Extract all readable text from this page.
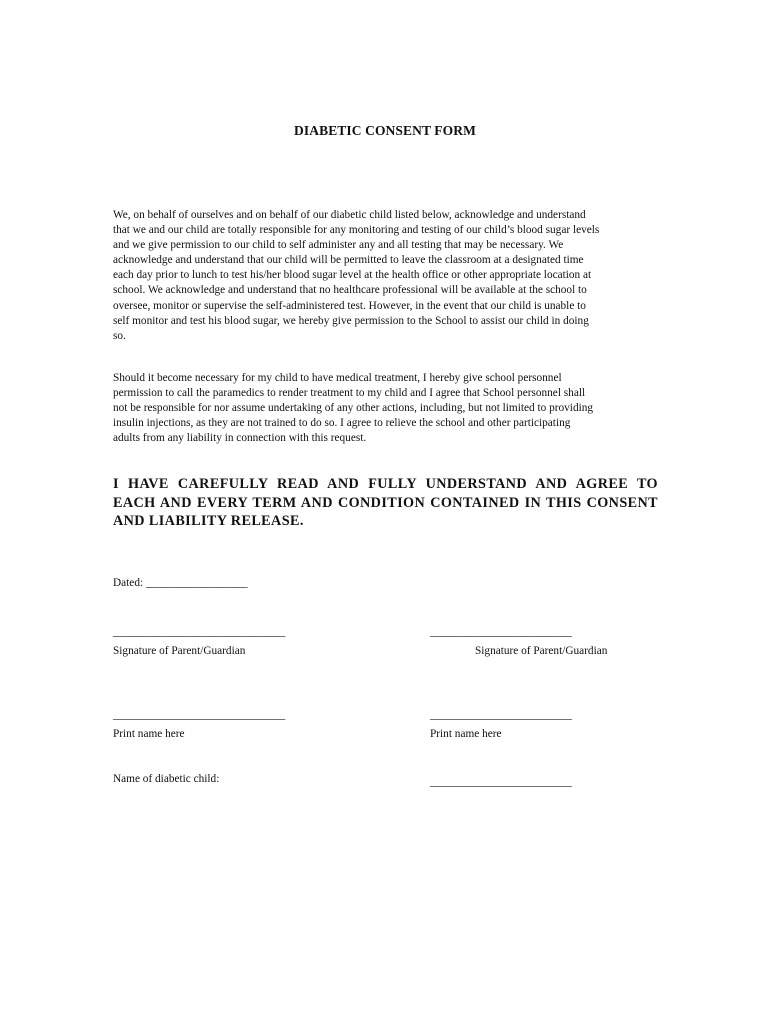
DIABETIC CONSENT FORM

We, on behalf of ourselves and on behalf of our diabetic child listed below, acknowledge and understand
that we and our child are totally responsible for any monitoring and testing of our child’s blood sugar levels
and we give permission to our child to self administer any and all testing that may be necessary. We
acknowledge and understand that our child will be permitted to leave the classroom at a designated time
each day prior to lunch to test his/her blood sugar level at the health office or other appropriate location at
school. We acknowledge and understand that no healthcare professional will be available at the school to
oversee, monitor or supervise the self-administered test. However, in the event that our child is unable to
self monitor and test his blood sugar, we hereby give permission to the School to assist our child in doing
so.

Should it become necessary for my child to have medical treatment, I hereby give school personnel
permission to call the paramedics to render treatment to my child and I agree that School personnel shall
not be responsible for nor assume undertaking of any other actions, including, but not limited to providing
insulin injections, as they are not trained to do so. I agree to relieve the school and other participating
adults from any liability in connection with this request.

I HAVE CAREFULLY READ AND FULLY UNDERSTAND AND AGREE TO EACH AND EVERY TERM AND CONDITION CONTAINED IN THIS CONSENT AND LIABILITY RELEASE.

Dated: ____________________
__________________________________	____________________________
Signature of Parent/Guardian	Signature of Parent/Guardian
__________________________________	____________________________
Print name here	Print name here
Name of diabetic child:	____________________________
